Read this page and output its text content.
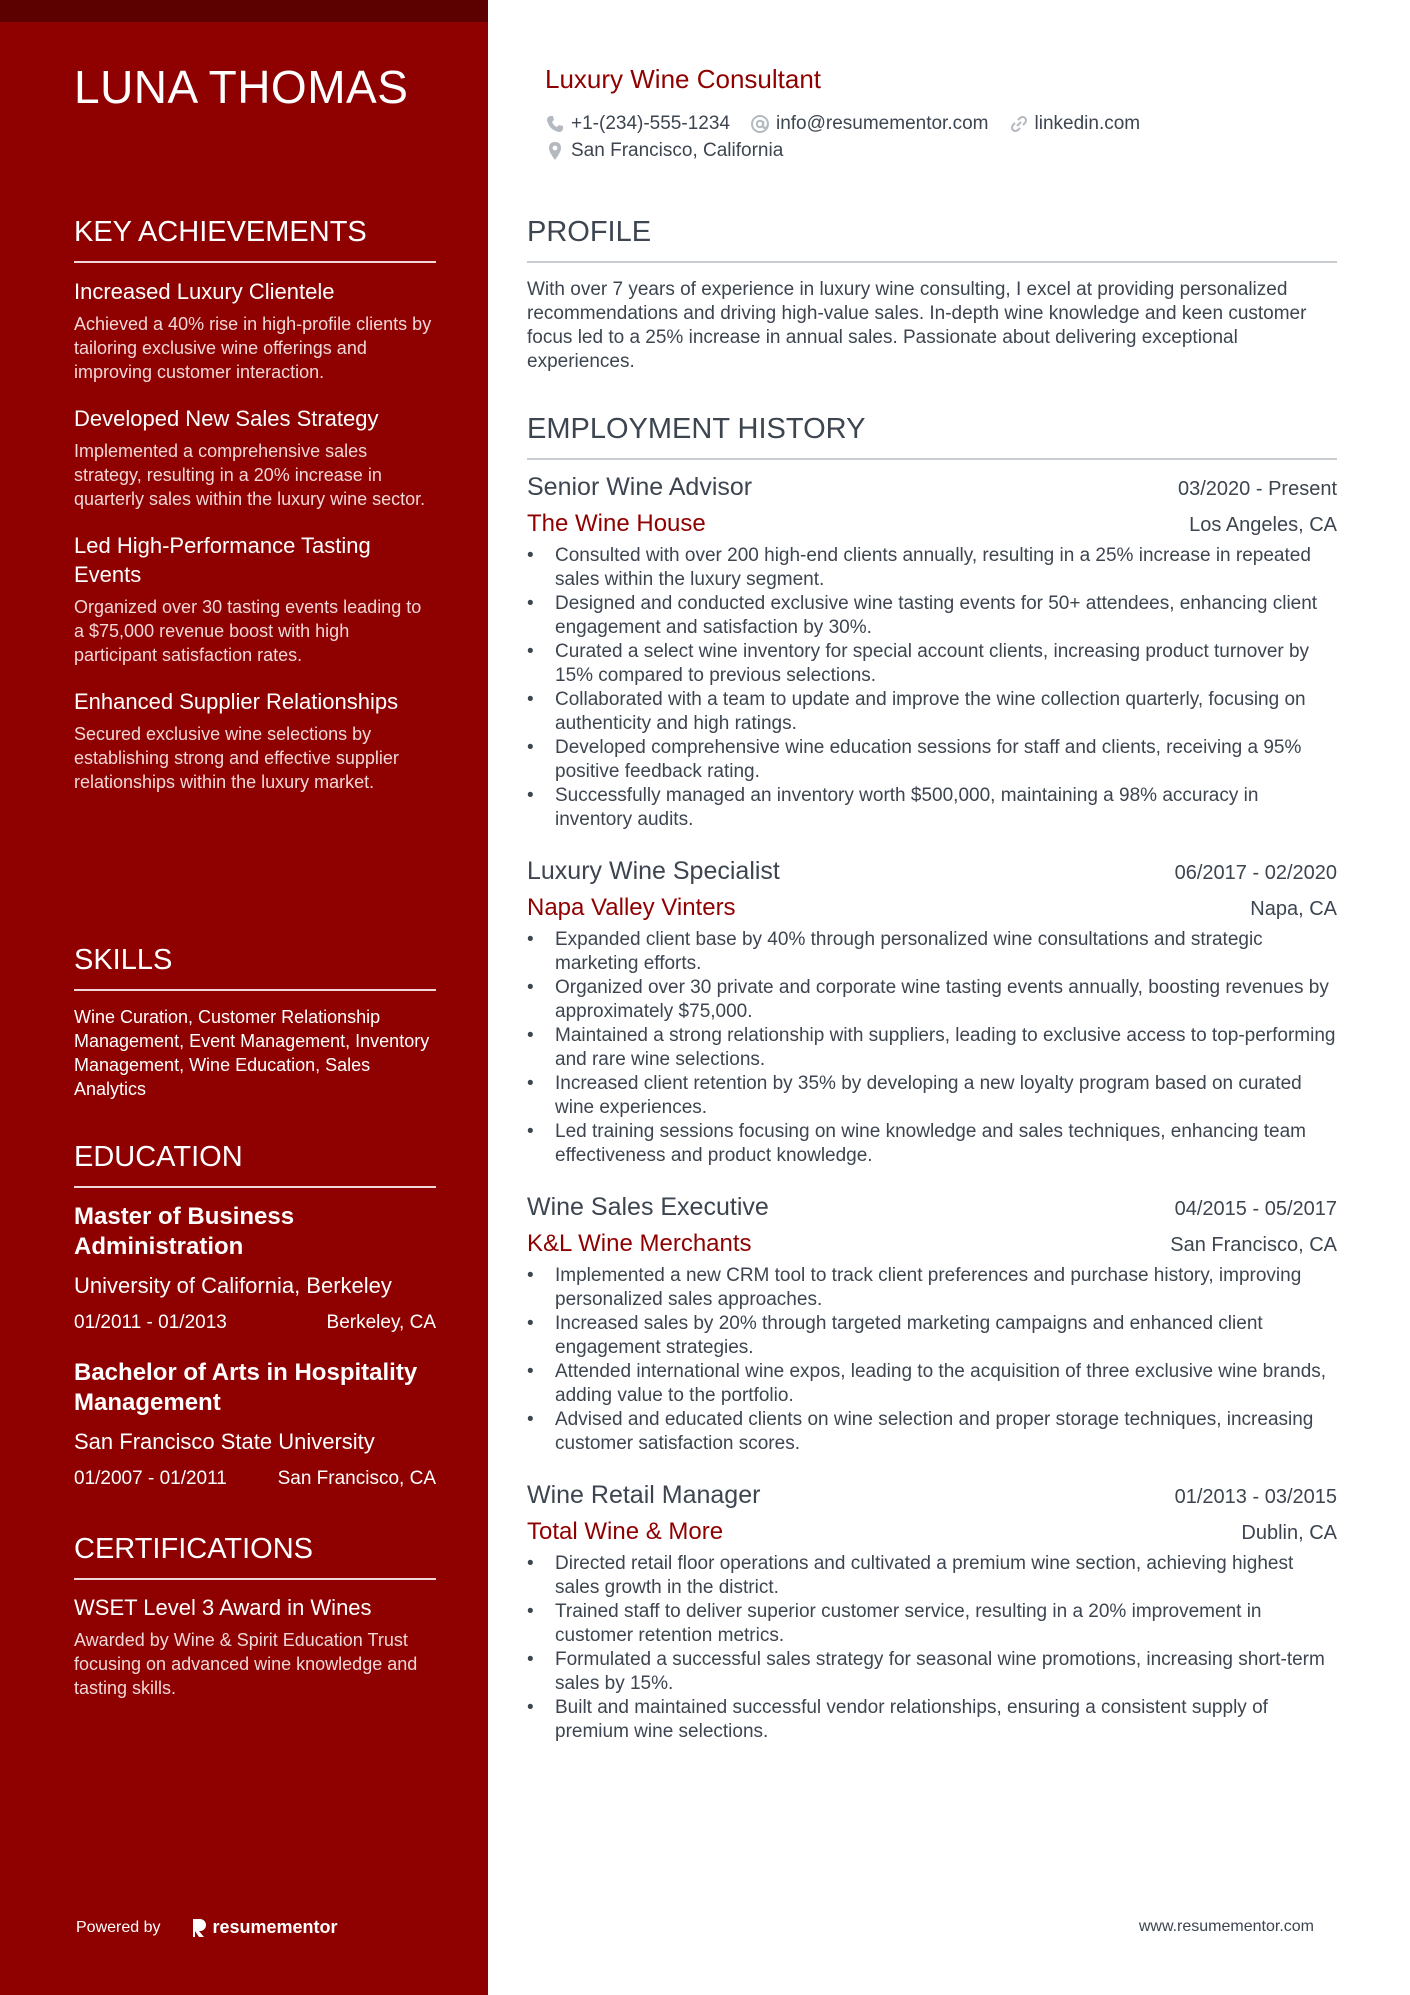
LUNA THOMAS
KEY ACHIEVEMENTS
Increased Luxury Clientele
Achieved a 40% rise in high-profile clients by tailoring exclusive wine offerings and improving customer interaction.
Developed New Sales Strategy
Implemented a comprehensive sales strategy, resulting in a 20% increase in quarterly sales within the luxury wine sector.
Led High-Performance Tasting Events
Organized over 30 tasting events leading to a $75,000 revenue boost with high participant satisfaction rates.
Enhanced Supplier Relationships
Secured exclusive wine selections by establishing strong and effective supplier relationships within the luxury market.
SKILLS
Wine Curation, Customer Relationship Management, Event Management, Inventory Management, Wine Education, Sales Analytics
EDUCATION
Master of Business Administration
University of California, Berkeley
01/2011 - 01/2013	Berkeley, CA
Bachelor of Arts in Hospitality Management
San Francisco State University
01/2007 - 01/2011	San Francisco, CA
CERTIFICATIONS
WSET Level 3 Award in Wines
Awarded by Wine & Spirit Education Trust focusing on advanced wine knowledge and tasting skills.
Powered by	resumementor
Luxury Wine Consultant
+1-(234)-555-1234 info@resumementor.com linkedin.com
San Francisco, California
PROFILE
With over 7 years of experience in luxury wine consulting, I excel at providing personalized recommendations and driving high-value sales. In-depth wine knowledge and keen customer focus led to a 25% increase in annual sales. Passionate about delivering exceptional experiences.
EMPLOYMENT HISTORY
Senior Wine Advisor	03/2020 - Present
The Wine House	Los Angeles, CA
• Consulted with over 200 high-end clients annually, resulting in a 25% increase in repeated sales within the luxury segment.
• Designed and conducted exclusive wine tasting events for 50+ attendees, enhancing client engagement and satisfaction by 30%.
• Curated a select wine inventory for special account clients, increasing product turnover by 15% compared to previous selections.
• Collaborated with a team to update and improve the wine collection quarterly, focusing on authenticity and high ratings.
• Developed comprehensive wine education sessions for staff and clients, receiving a 95% positive feedback rating.
• Successfully managed an inventory worth $500,000, maintaining a 98% accuracy in inventory audits.
Luxury Wine Specialist	06/2017 - 02/2020
Napa Valley Vinters	Napa, CA
• Expanded client base by 40% through personalized wine consultations and strategic marketing efforts.
• Organized over 30 private and corporate wine tasting events annually, boosting revenues by approximately $75,000.
• Maintained a strong relationship with suppliers, leading to exclusive access to top-performing and rare wine selections.
• Increased client retention by 35% by developing a new loyalty program based on curated wine experiences.
• Led training sessions focusing on wine knowledge and sales techniques, enhancing team effectiveness and product knowledge.
Wine Sales Executive	04/2015 - 05/2017
K&L Wine Merchants	San Francisco, CA
• Implemented a new CRM tool to track client preferences and purchase history, improving personalized sales approaches.
• Increased sales by 20% through targeted marketing campaigns and enhanced client engagement strategies.
• Attended international wine expos, leading to the acquisition of three exclusive wine brands, adding value to the portfolio.
• Advised and educated clients on wine selection and proper storage techniques, increasing customer satisfaction scores.
Wine Retail Manager	01/2013 - 03/2015
Total Wine & More	Dublin, CA
• Directed retail floor operations and cultivated a premium wine section, achieving highest sales growth in the district.
• Trained staff to deliver superior customer service, resulting in a 20% improvement in customer retention metrics.
• Formulated a successful sales strategy for seasonal wine promotions, increasing short-term sales by 15%.
• Built and maintained successful vendor relationships, ensuring a consistent supply of premium wine selections.
www.resumementor.com
